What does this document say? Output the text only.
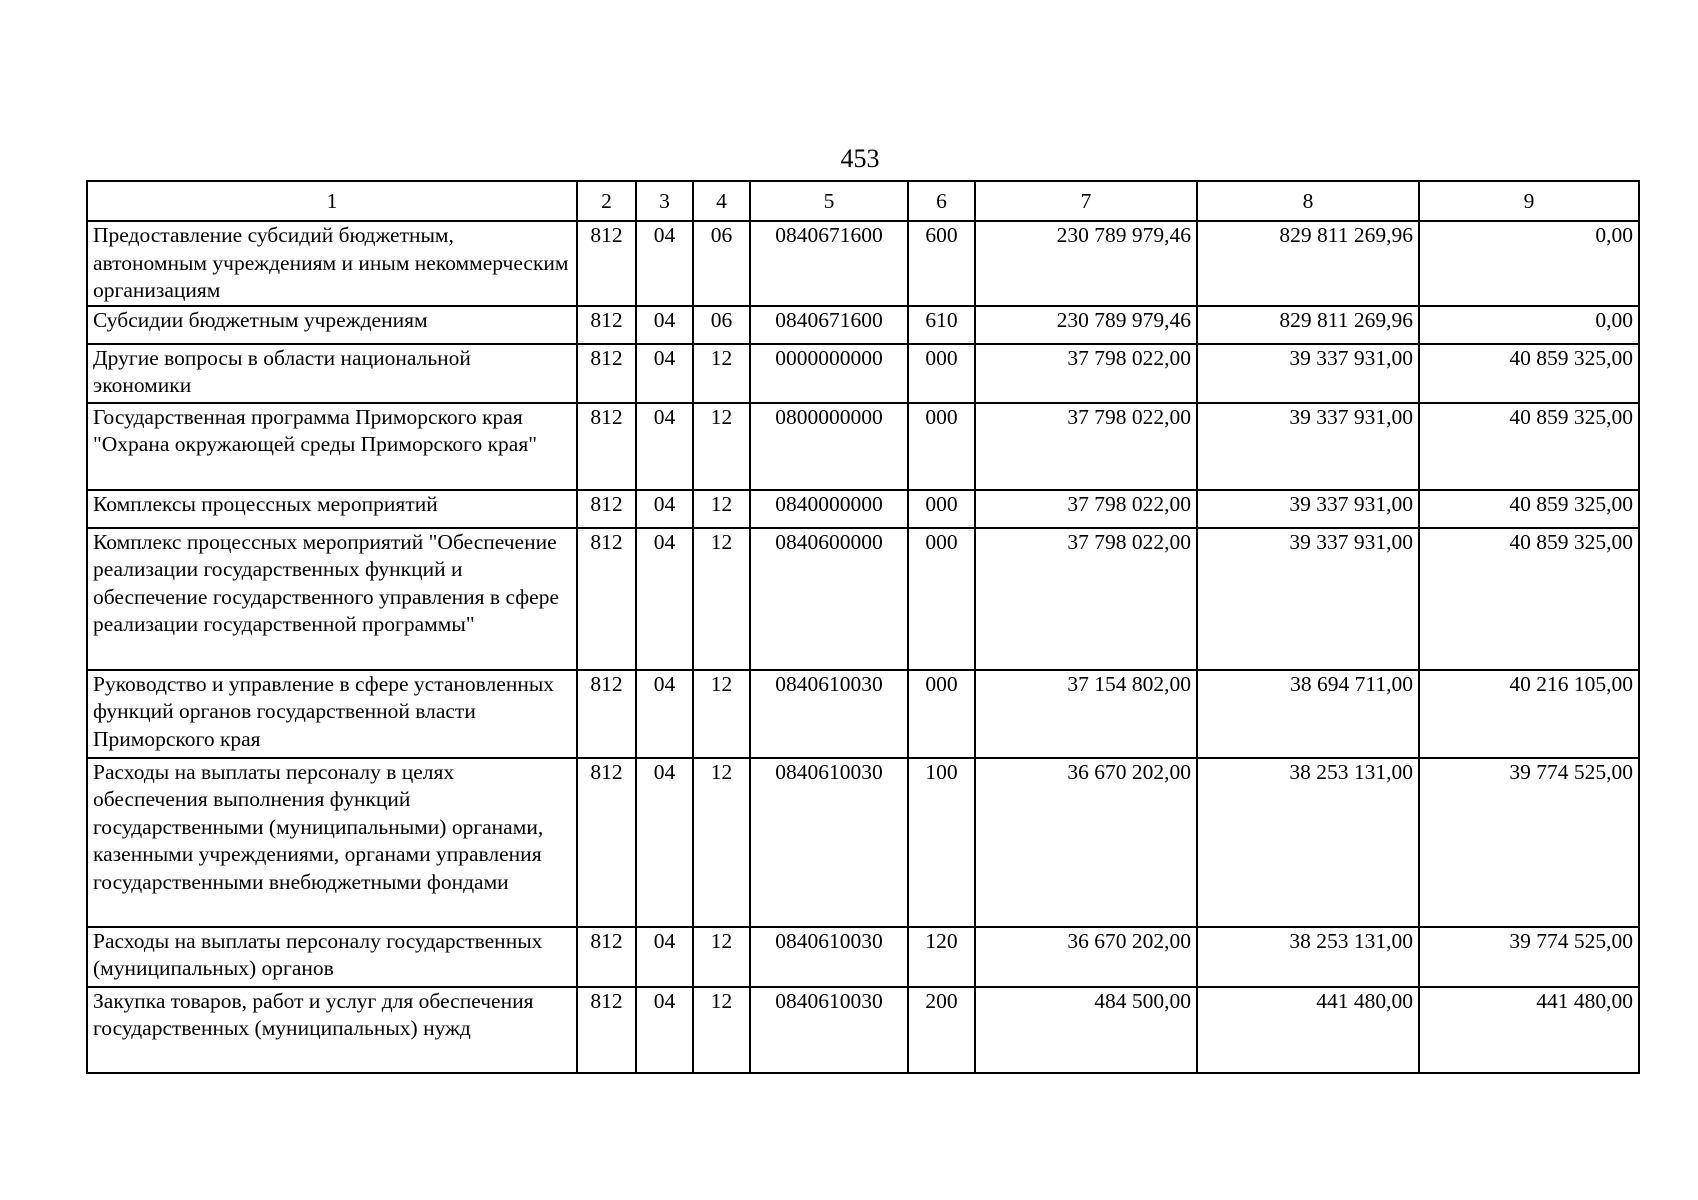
453
1	2	3	4	5	6	7	8	9
Предоставление субсидий бюджетным, автономным учреждениям и иным некоммерческим организациям	812	04	06	0840671600	600	230 789 979,46	829 811 269,96	0,00
Субсидии бюджетным учреждениям	812	04	06	0840671600	610	230 789 979,46	829 811 269,96	0,00
Другие вопросы в области национальной экономики	812	04	12	0000000000	000	37 798 022,00	39 337 931,00	40 859 325,00
Государственная программа Приморского края "Охрана окружающей среды Приморского края"	812	04	12	0800000000	000	37 798 022,00	39 337 931,00	40 859 325,00
Комплексы процессных мероприятий	812	04	12	0840000000	000	37 798 022,00	39 337 931,00	40 859 325,00
Комплекс процессных мероприятий "Обеспечение реализации государственных функций и обеспечение государственного управления в сфере реализации государственной программы"	812	04	12	0840600000	000	37 798 022,00	39 337 931,00	40 859 325,00
Руководство и управление в сфере установленных функций органов государственной власти Приморского края	812	04	12	0840610030	000	37 154 802,00	38 694 711,00	40 216 105,00
Расходы на выплаты персоналу в целях обеспечения выполнения функций государственными (муниципальными) органами, казенными учреждениями, органами управления государственными внебюджетными фондами	812	04	12	0840610030	100	36 670 202,00	38 253 131,00	39 774 525,00
Расходы на выплаты персоналу государственных (муниципальных) органов	812	04	12	0840610030	120	36 670 202,00	38 253 131,00	39 774 525,00
Закупка товаров, работ и услуг для обеспечения государственных (муниципальных) нужд	812	04	12	0840610030	200	484 500,00	441 480,00	441 480,00
